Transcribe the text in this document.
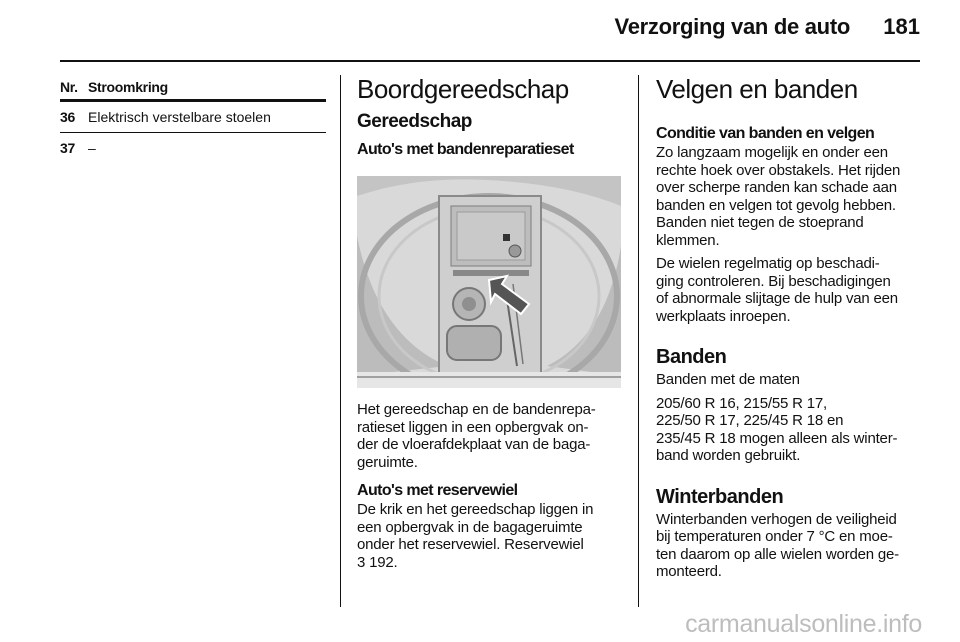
Verzorging van de auto	181
Nr. Stroomkring
36 Elektrisch verstelbare stoelen
37 –
Boordgereedschap
Gereedschap
Auto's met bandenreparatieset

Het gereedschap en de bandenrepa-

ratieset liggen in een opbergvak on-

der de vloerafdekplaat van de baga-

geruimte.

Auto's met reservewiel

De krik en het gereedschap liggen in

een opbergvak in de bagageruimte

onder het reservewiel. Reservewiel

3 192.

Velgen en banden
Conditie van banden en velgen

Zo langzaam mogelijk en onder een

rechte hoek over obstakels. Het rijden

over scherpe randen kan schade aan

banden en velgen tot gevolg hebben.

Banden niet tegen de stoeprand

klemmen.

De wielen regelmatig op beschadi-

ging controleren. Bij beschadigingen

of abnormale slijtage de hulp van een

werkplaats inroepen.

Banden

Banden met de maten

205/60 R 16, 215/55 R 17,

225/50 R 17, 225/45 R 18 en

235/45 R 18 mogen alleen als winter-

band worden gebruikt.

Winterbanden

Winterbanden verhogen de veiligheid

bij temperaturen onder 7 °C en moe-

ten daarom op alle wielen worden ge-

monteerd.

carmanualsonline.info
